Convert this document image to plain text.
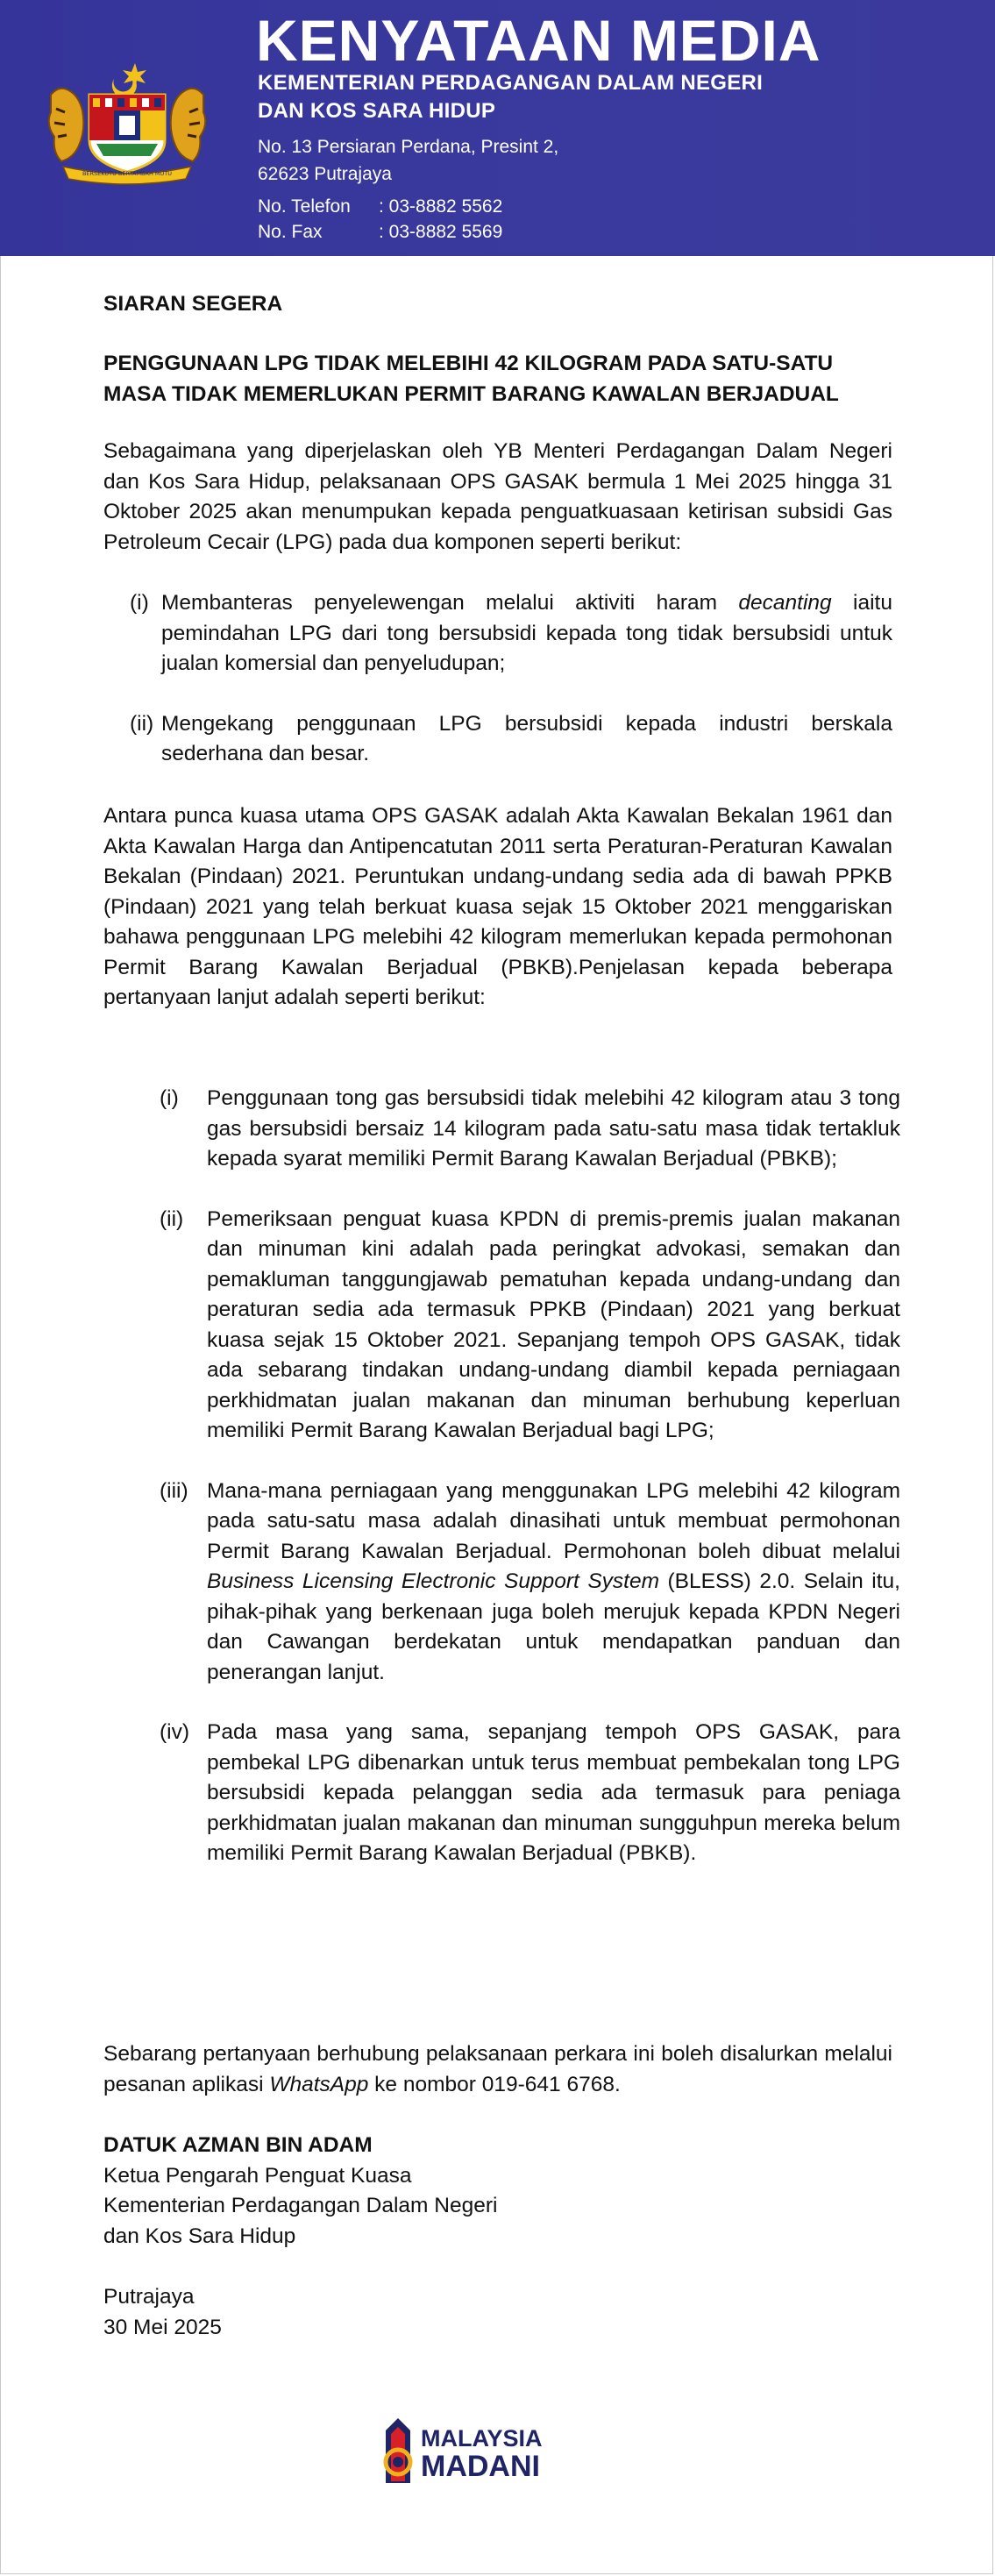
BERSEKUTU BERTAMBAH MUTU
KENYATAAN MEDIA
KEMENTERIAN PERDAGANGAN DALAM NEGERI
DAN KOS SARA HIDUP
No. 13 Persiaran Perdana, Presint 2,
62623 Putrajaya
No. Telefon	: 03-8882 5562
No. Fax	: 03-8882 5569
SIARAN SEGERA
PENGGUNAAN LPG TIDAK MELEBIHI 42 KILOGRAM PADA SATU-SATU
MASA TIDAK MEMERLUKAN PERMIT BARANG KAWALAN BERJADUAL

Sebagaimana yang diperjelaskan oleh YB Menteri Perdagangan Dalam Negeri dan Kos Sara Hidup, pelaksanaan OPS GASAK bermula 1 Mei 2025 hingga 31 Oktober 2025 akan menumpukan kepada penguatkuasaan ketirisan subsidi Gas Petroleum Cecair (LPG) pada dua komponen seperti berikut:

(i) Membanteras penyelewengan melalui aktiviti haram decanting iaitu pemindahan LPG dari tong bersubsidi kepada tong tidak bersubsidi untuk jualan komersial dan penyeludupan;
(ii) Mengekang penggunaan LPG bersubsidi kepada industri berskala sederhana dan besar.

Antara punca kuasa utama OPS GASAK adalah Akta Kawalan Bekalan 1961 dan Akta Kawalan Harga dan Antipencatutan 2011 serta Peraturan-Peraturan Kawalan Bekalan (Pindaan) 2021. Peruntukan undang-undang sedia ada di bawah PPKB (Pindaan) 2021 yang telah berkuat kuasa sejak 15 Oktober 2021 menggariskan bahawa penggunaan LPG melebihi 42 kilogram memerlukan kepada permohonan Permit Barang Kawalan Berjadual (PBKB).Penjelasan kepada beberapa pertanyaan lanjut adalah seperti berikut:

(i)	Penggunaan tong gas bersubsidi tidak melebihi 42 kilogram atau 3 tong gas bersubsidi bersaiz 14 kilogram pada satu-satu masa tidak tertakluk kepada syarat memiliki Permit Barang Kawalan Berjadual (PBKB);
(ii)	Pemeriksaan penguat kuasa KPDN di premis-premis jualan makanan dan minuman kini adalah pada peringkat advokasi, semakan dan pemakluman tanggungjawab pematuhan kepada undang-undang dan peraturan sedia ada termasuk PPKB (Pindaan) 2021 yang berkuat kuasa sejak 15 Oktober 2021. Sepanjang tempoh OPS GASAK, tidak ada sebarang tindakan undang-undang diambil kepada perniagaan perkhidmatan jualan makanan dan minuman berhubung keperluan memiliki Permit Barang Kawalan Berjadual bagi LPG;
(iii) Mana-mana perniagaan yang menggunakan LPG melebihi 42 kilogram pada satu-satu masa adalah dinasihati untuk membuat permohonan Permit Barang Kawalan Berjadual. Permohonan boleh dibuat melalui Business Licensing Electronic Support System (BLESS) 2.0. Selain itu, pihak-pihak yang berkenaan juga boleh merujuk kepada KPDN Negeri dan Cawangan berdekatan untuk mendapatkan panduan dan penerangan lanjut.
(iv) Pada masa yang sama, sepanjang tempoh OPS GASAK, para pembekal LPG dibenarkan untuk terus membuat pembekalan tong LPG bersubsidi kepada pelanggan sedia ada termasuk para peniaga perkhidmatan jualan makanan dan minuman sungguhpun mereka belum memiliki Permit Barang Kawalan Berjadual (PBKB).

Sebarang pertanyaan berhubung pelaksanaan perkara ini boleh disalurkan melalui pesanan aplikasi WhatsApp ke nombor 019-641 6768.

DATUK AZMAN BIN ADAM
Ketua Pengarah Penguat Kuasa
Kementerian Perdagangan Dalam Negeri
dan Kos Sara Hidup
Putrajaya
30 Mei 2025
MALAYSIA
MADANI
